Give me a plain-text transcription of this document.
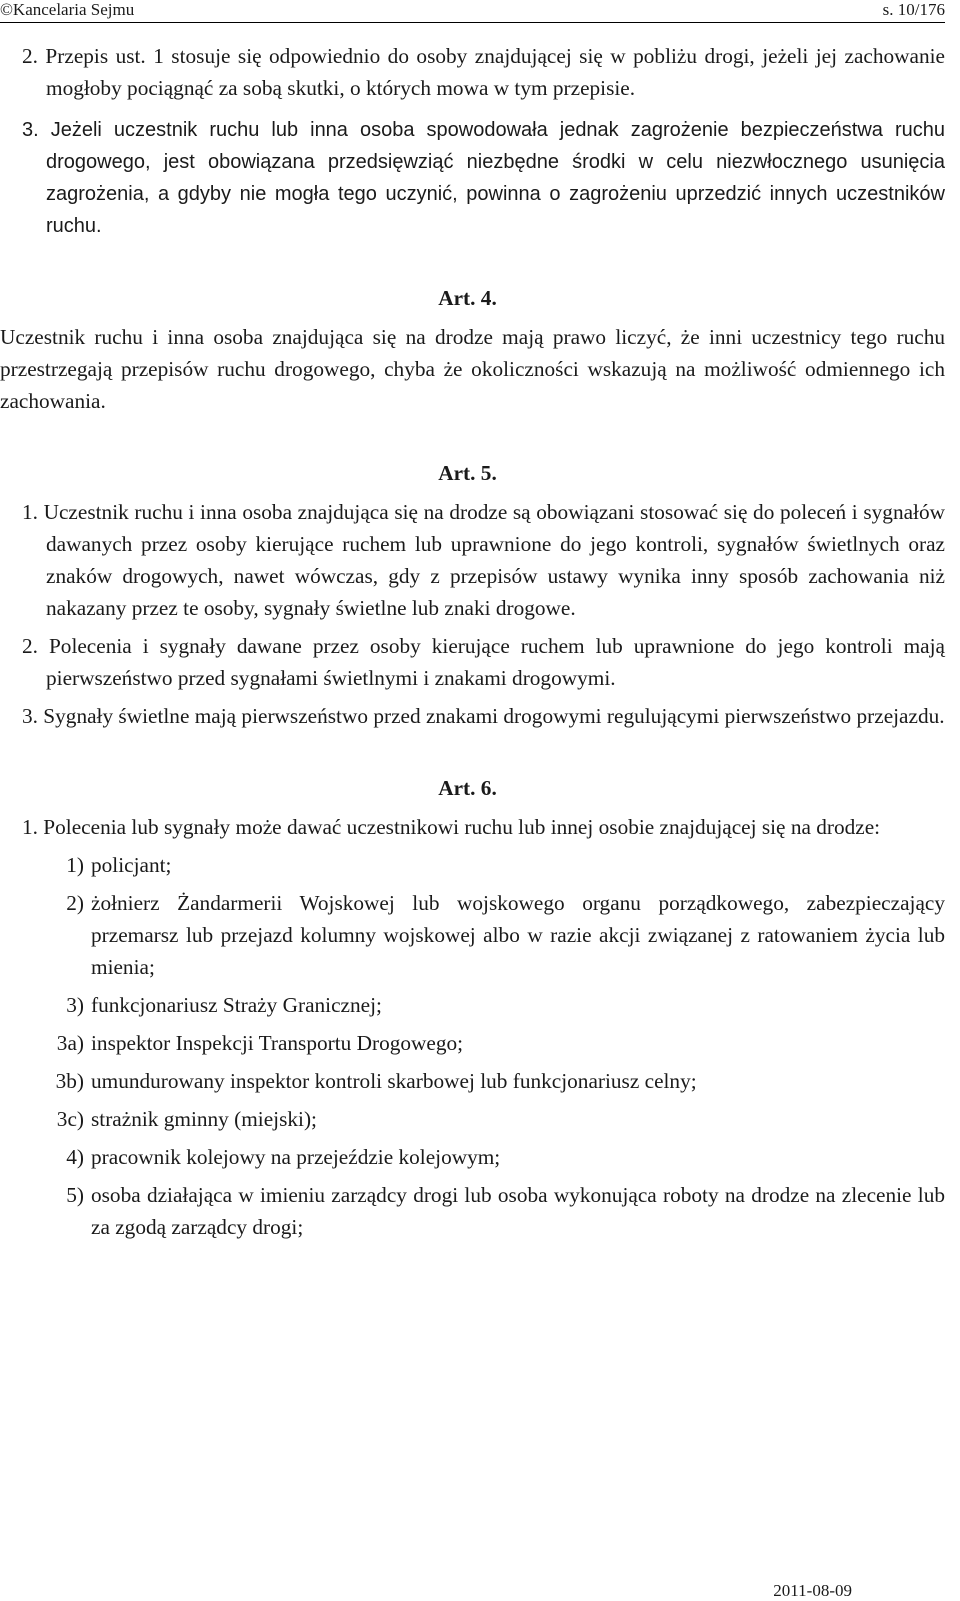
©Kancelaria Sejmu	s. 10/176

2. Przepis ust. 1 stosuje się odpowiednio do osoby znajdującej się w pobliżu drogi, jeżeli jej zachowanie mogłoby pociągnąć za sobą skutki, o których mowa w tym przepisie.

3. Jeżeli uczestnik ruchu lub inna osoba spowodowała jednak zagrożenie bezpieczeństwa ruchu drogowego, jest obowiązana przedsięwziąć niezbędne środki w celu niezwłocznego usunięcia zagrożenia, a gdyby nie mogła tego uczynić, powinna o zagrożeniu uprzedzić innych uczestników ruchu.

Art. 4.

Uczestnik ruchu i inna osoba znajdująca się na drodze mają prawo liczyć, że inni uczestnicy tego ruchu przestrzegają przepisów ruchu drogowego, chyba że okoliczności wskazują na możliwość odmiennego ich zachowania.

Art. 5.

1. Uczestnik ruchu i inna osoba znajdująca się na drodze są obowiązani stosować się do poleceń i sygnałów dawanych przez osoby kierujące ruchem lub uprawnione do jego kontroli, sygnałów świetlnych oraz znaków drogowych, nawet wówczas, gdy z przepisów ustawy wynika inny sposób zachowania niż nakazany przez te osoby, sygnały świetlne lub znaki drogowe.

2. Polecenia i sygnały dawane przez osoby kierujące ruchem lub uprawnione do jego kontroli mają pierwszeństwo przed sygnałami świetlnymi i znakami drogowymi.

3. Sygnały świetlne mają pierwszeństwo przed znakami drogowymi regulującymi pierwszeństwo przejazdu.

Art. 6.

1. Polecenia lub sygnały może dawać uczestnikowi ruchu lub innej osobie znajdującej się na drodze:

1) policjant;
2) żołnierz Żandarmerii Wojskowej lub wojskowego organu porządkowego, zabezpieczający przemarsz lub przejazd kolumny wojskowej albo w razie akcji związanej z ratowaniem życia lub mienia;
3) funkcjonariusz Straży Granicznej;
3a) inspektor Inspekcji Transportu Drogowego;
3b) umundurowany inspektor kontroli skarbowej lub funkcjonariusz celny;
3c) strażnik gminny (miejski);
4) pracownik kolejowy na przejeździe kolejowym;
5) osoba działająca w imieniu zarządcy drogi lub osoba wykonująca roboty na drodze na zlecenie lub za zgodą zarządcy drogi;
2011-08-09
